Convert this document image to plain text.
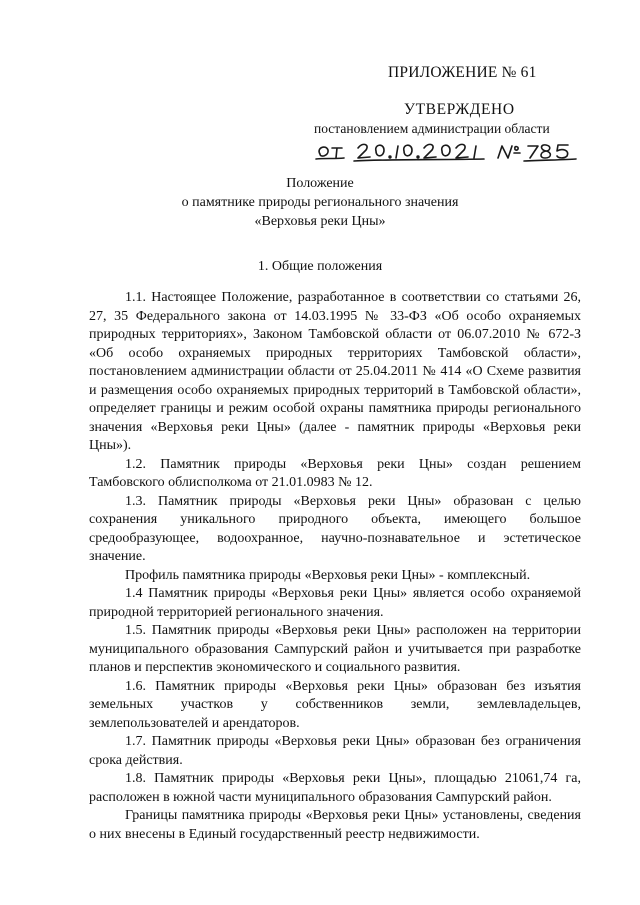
ПРИЛОЖЕНИЕ № 61
УТВЕРЖДЕНО
постановлением администрации области
Положение
о памятнике природы регионального значения
«Верховья реки Цны»
1. Общие положения

1.1. Настоящее Положение, разработанное в соответствии со статьями 26, 27, 35 Федерального закона от 14.03.1995 № 33-ФЗ «Об особо охраняемых природных территориях», Законом Тамбовской области от 06.07.2010 № 672-З «Об особо охраняемых природных территориях Тамбовской области», постановлением администрации области от 25.04.2011 № 414 «О Схеме развития и размещения особо охраняемых природных территорий в Тамбовской области», определяет границы и режим особой охраны памятника природы регионального значения «Верховья реки Цны» (далее - памятник природы «Верховья реки Цны»).

1.2. Памятник природы «Верховья реки Цны» создан решением Тамбовского облисполкома от 21.01.0983 № 12.

1.3. Памятник природы «Верховья реки Цны» образован с целью сохранения уникального природного объекта, имеющего большое средообразующее, водоохранное, научно-познавательное и эстетическое значение.

Профиль памятника природы «Верховья реки Цны» - комплексный.

1.4 Памятник природы «Верховья реки Цны» является особо охраняемой природной территорией регионального значения.

1.5. Памятник природы «Верховья реки Цны» расположен на территории муниципального образования Сампурский район и учитывается при разработке планов и перспектив экономического и социального развития.

1.6. Памятник природы «Верховья реки Цны» образован без изъятия земельных участков у собственников земли, землевладельцев, землепользователей и арендаторов.

1.7. Памятник природы «Верховья реки Цны» образован без ограничения срока действия.

1.8. Памятник природы «Верховья реки Цны», площадью 21061,74 га, расположен в южной части муниципального образования Сампурский район.

Границы памятника природы «Верховья реки Цны» установлены, сведения о них внесены в Единый государственный реестр недвижимости.
